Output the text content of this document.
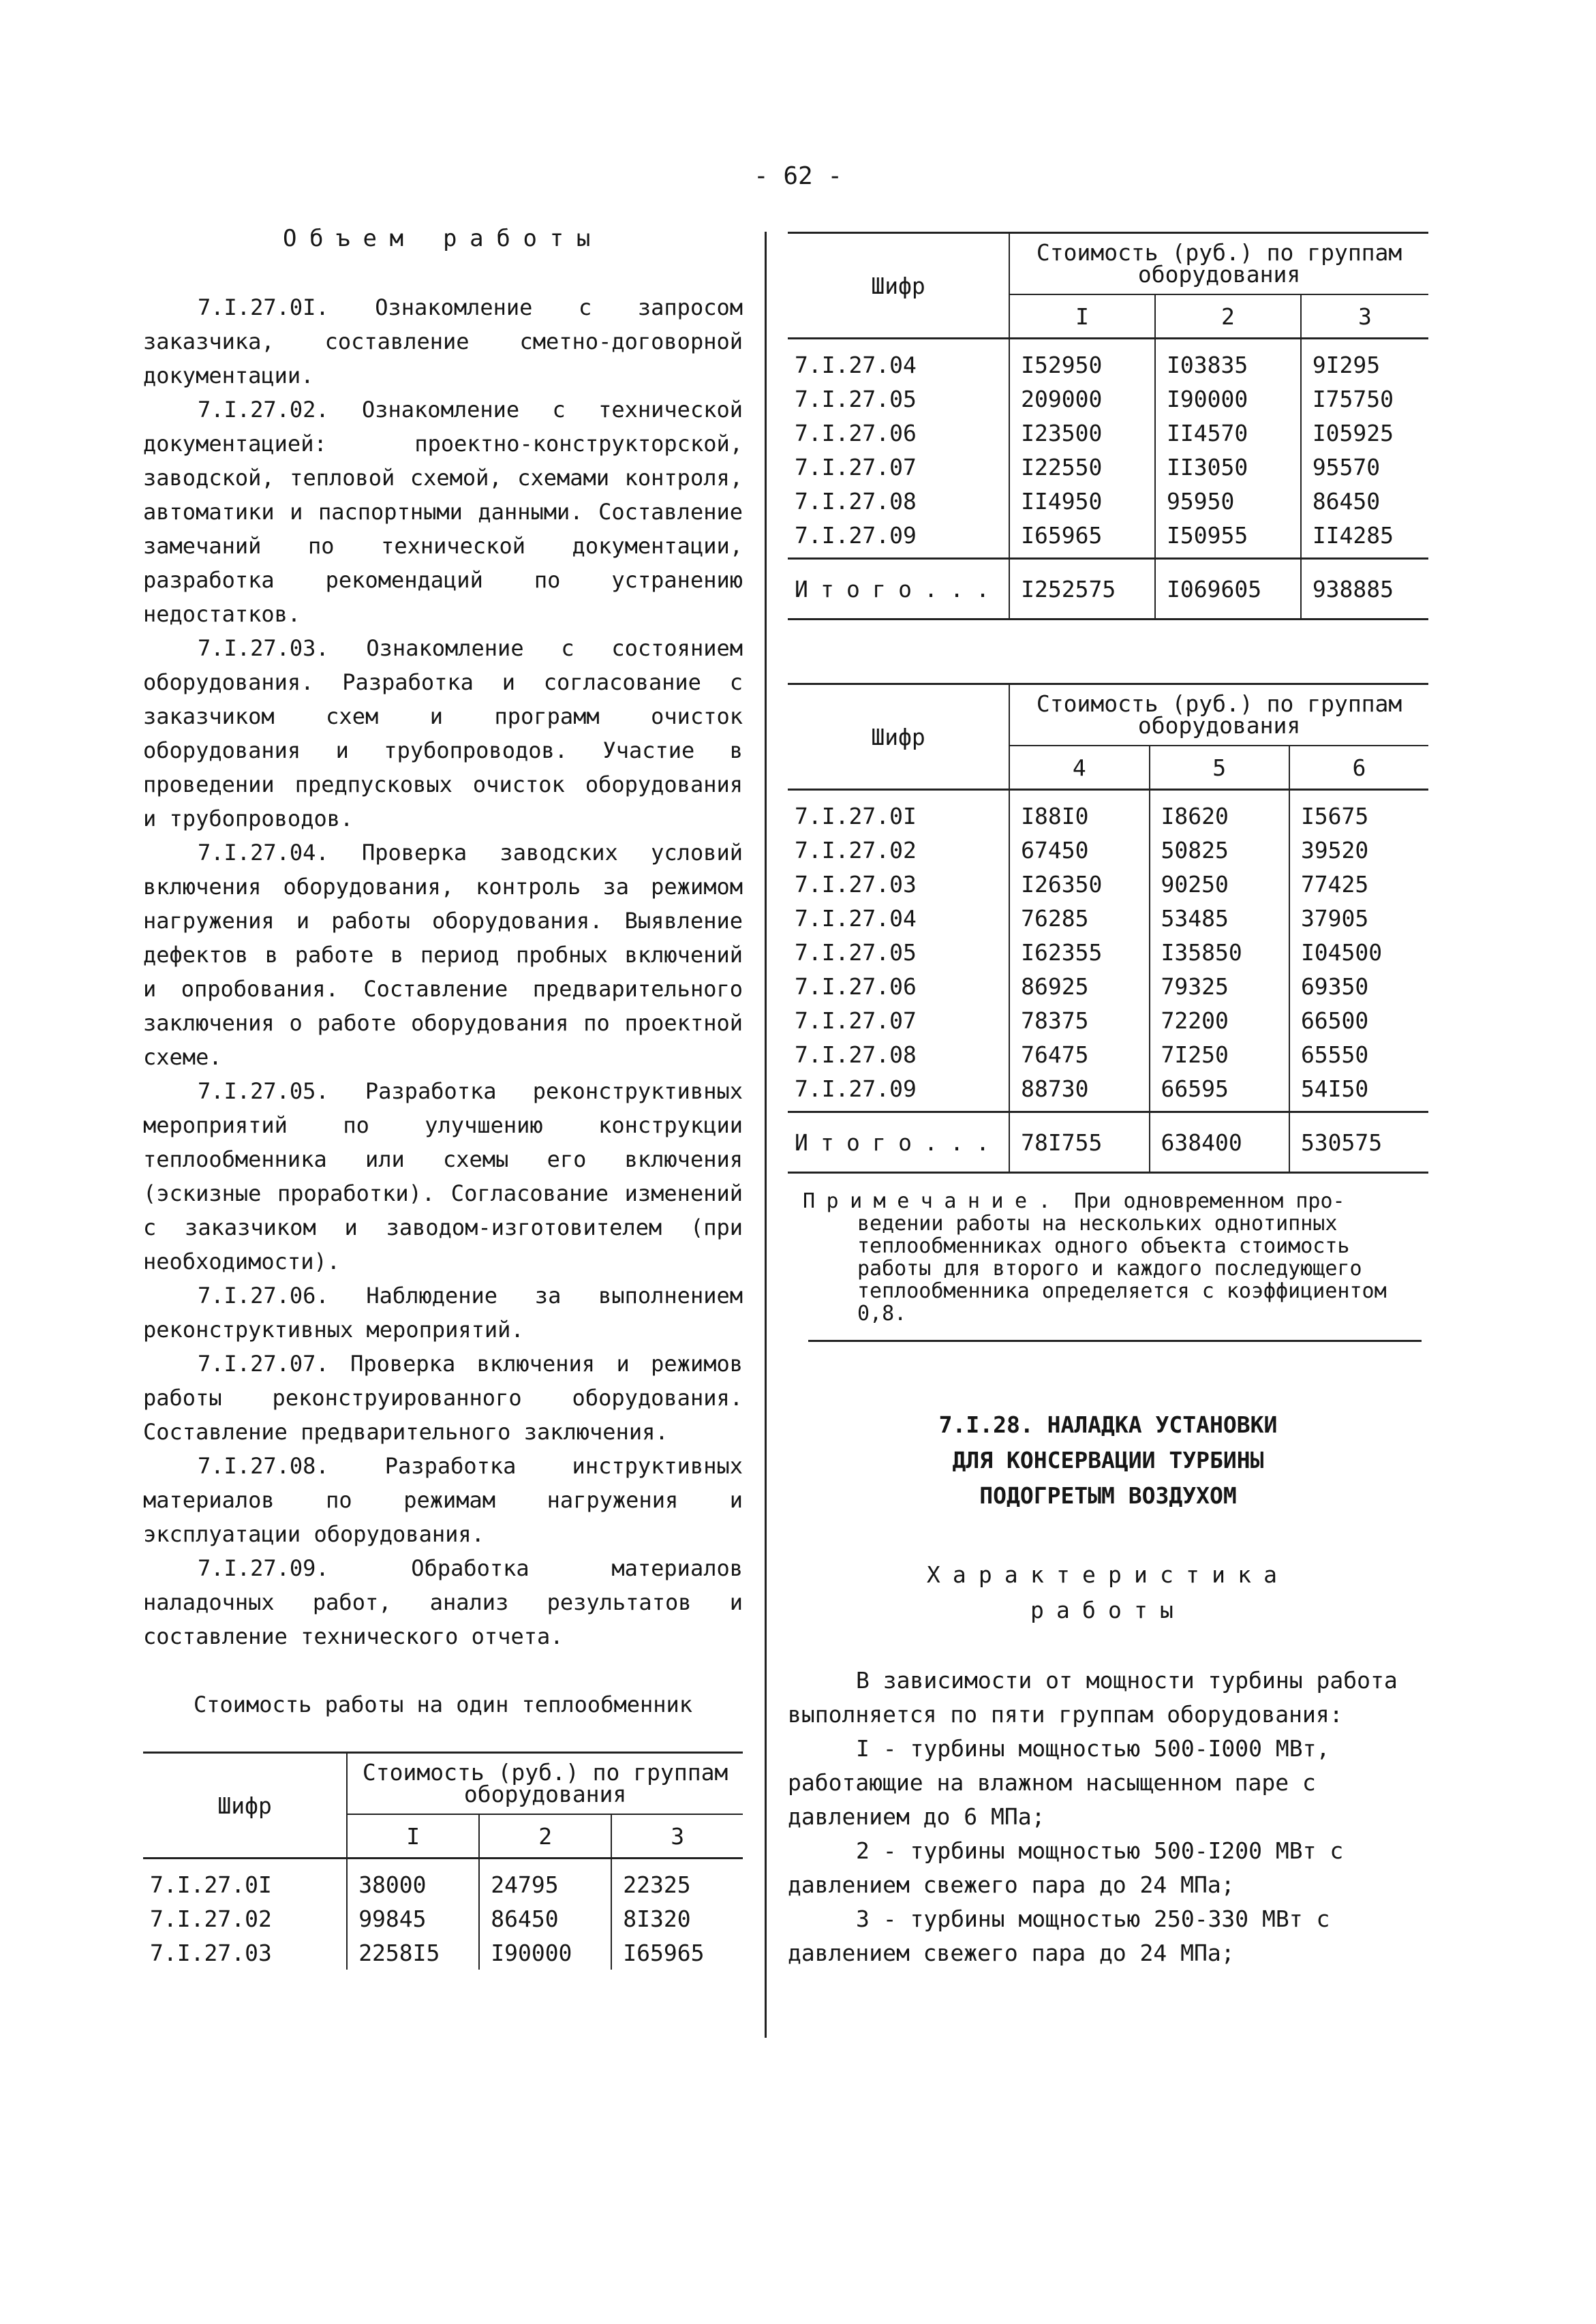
- 62 -
Объем работы

7.I.27.0I. Ознакомление с запросом заказчика, составление сметно-договорной документации.

7.I.27.02. Ознакомление с технической документацией: проектно-конструкторской, заводской, тепловой схемой, схемами контроля, автоматики и паспортными данными. Составление замечаний по технической документации, разработка рекомендаций по устранению недостатков.

7.I.27.03. Ознакомление с состоянием оборудования. Разработка и согласование с заказчиком схем и программ очисток оборудования и трубопроводов. Участие в проведении предпусковых очисток оборудования и трубопроводов.

7.I.27.04. Проверка заводских условий включения оборудования, контроль за режимом нагружения и работы оборудования. Выявление дефектов в работе в период пробных включений и опробования. Составление предварительного заключения о работе оборудования по проектной схеме.

7.I.27.05. Разработка реконструктивных мероприятий по улучшению конструкции теплообменника или схемы его включения (эскизные проработки). Согласование изменений с заказчиком и заводом-изготовителем (при необходимости).

7.I.27.06. Наблюдение за выполнением реконструктивных мероприятий.

7.I.27.07. Проверка включения и режимов работы реконструированного оборудования. Составление предварительного заключения.

7.I.27.08. Разработка инструктивных материалов по режимам нагружения и эксплуатации оборудования.

7.I.27.09. Обработка материалов наладочных работ, анализ результатов и составление технического отчета.

Стоимость работы на один теплообменник
Шифр	Стоимость (руб.) по группам оборудования		
	I	2	3
7.I.27.0I	38000	24795	22325
7.I.27.02	99845	86450	8I320
7.I.27.03	2258I5	I90000	I65965
Шифр	Стоимость (руб.) по группам оборудования		
	I	2	3
7.I.27.04	I52950	I03835	9I295
7.I.27.05	209000	I90000	I75750
7.I.27.06	I23500	II4570	I05925
7.I.27.07	I22550	II3050	95570
7.I.27.08	II4950	95950	86450
7.I.27.09	I65965	I50955	II4285
Итого...	I252575	I069605	938885
Шифр	Стоимость (руб.) по группам оборудования		
	4	5	6
7.I.27.0I	I88I0	I8620	I5675
7.I.27.02	67450	50825	39520
7.I.27.03	I26350	90250	77425
7.I.27.04	76285	53485	37905
7.I.27.05	I62355	I35850	I04500
7.I.27.06	86925	79325	69350
7.I.27.07	78375	72200	66500
7.I.27.08	76475	7I250	65550
7.I.27.09	88730	66595	54I50
Итого...	78I755	638400	530575
Примечание. При одновременном про-
ведении работы на нескольких однотипных теплообменниках одного объекта стоимость работы для второго и каждого последующего теплообменника определяется с коэффициентом 0,8.
7.I.28. НАЛАДКА УСТАНОВКИ
ДЛЯ КОНСЕРВАЦИИ ТУРБИНЫ
ПОДОГРЕТЫМ ВОЗДУХОМ
Характеристика
работы

В зависимости от мощности турбины работа выполняется по пяти группам оборудования:

I - турбины мощностью 500-I000 МВт, работающие на влажном насыщенном паре с давлением до 6 МПа;

2 - турбины мощностью 500-I200 МВт с давлением свежего пара до 24 МПа;

3 - турбины мощностью 250-330 МВт с давлением свежего пара до 24 МПа;
